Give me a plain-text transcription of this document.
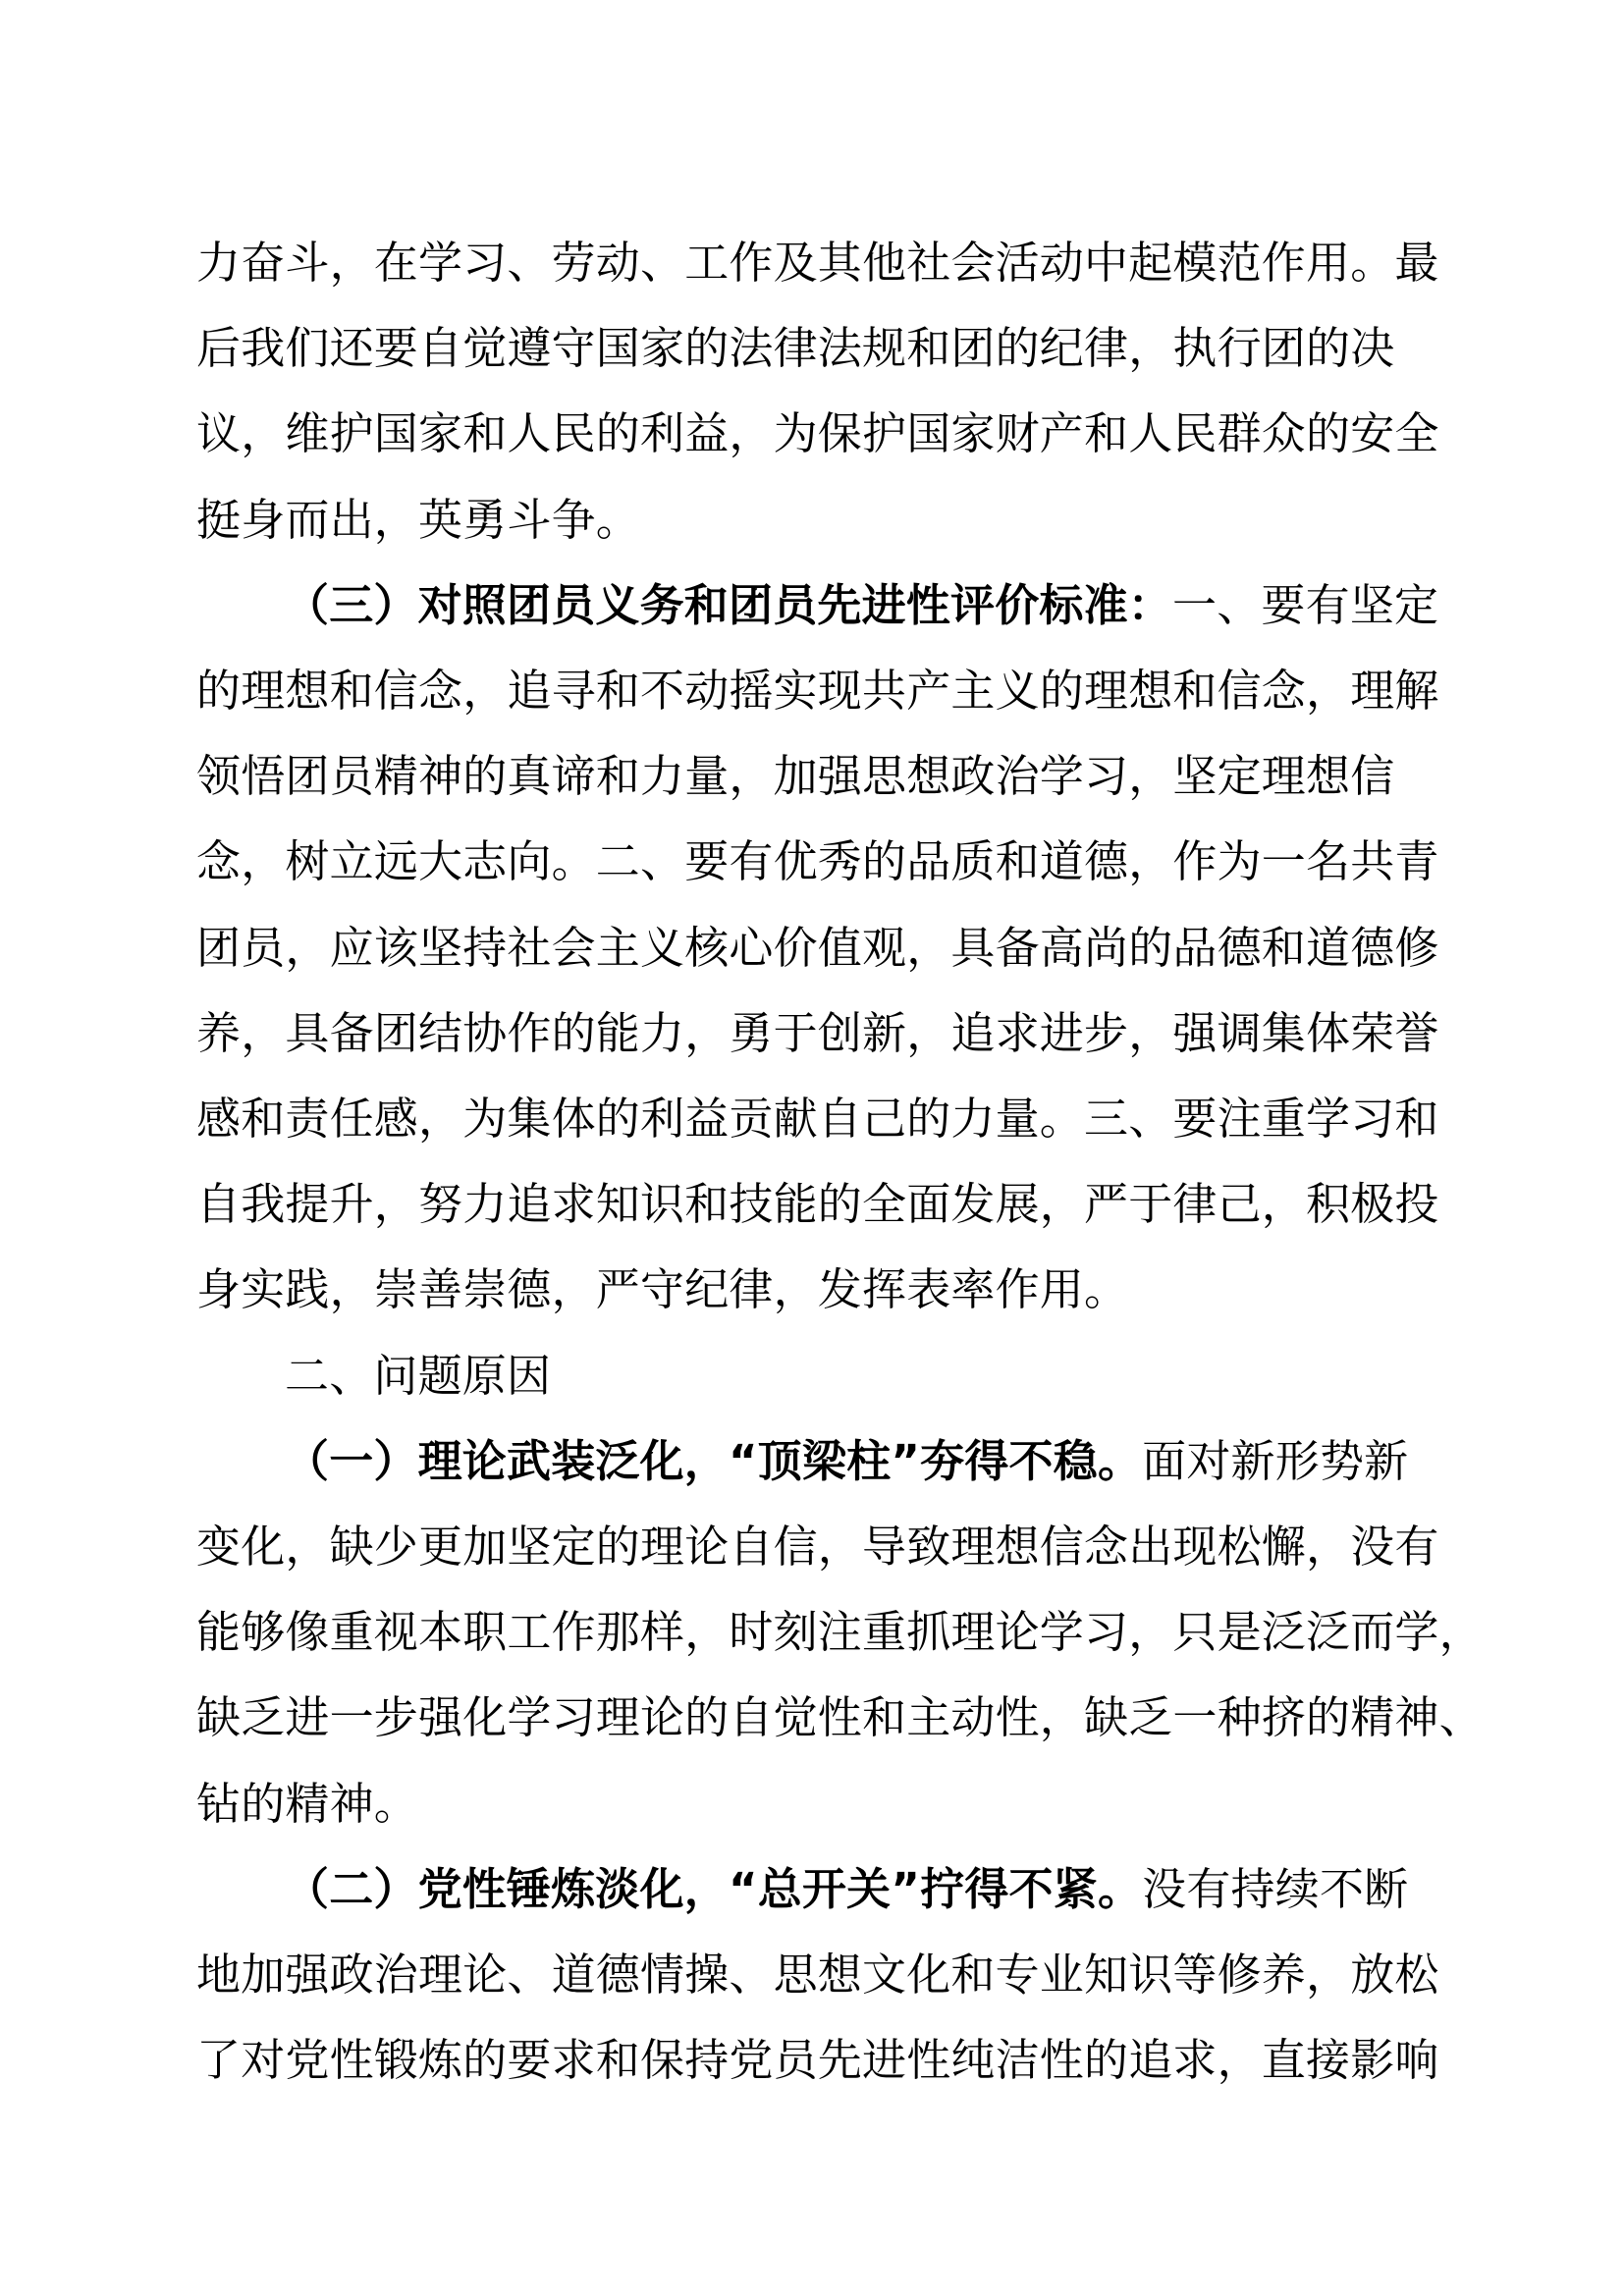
力奋斗，在学习、劳动、工作及其他社会活动中起模范作用。最
后我们还要自觉遵守国家的法律法规和团的纪律，执行团的决
议，维护国家和人民的利益，为保护国家财产和人民群众的安全
挺身而出，英勇斗争。
（三）对照团员义务和团员先进性评价标准：一、要有坚定
的理想和信念，追寻和不动摇实现共产主义的理想和信念，理解
领悟团员精神的真谛和力量，加强思想政治学习，坚定理想信
念，树立远大志向。二、要有优秀的品质和道德，作为一名共青
团员，应该坚持社会主义核心价值观，具备高尚的品德和道德修
养，具备团结协作的能力，勇于创新，追求进步，强调集体荣誉
感和责任感，为集体的利益贡献自己的力量。三、要注重学习和
自我提升，努力追求知识和技能的全面发展，严于律己，积极投
身实践，崇善崇德，严守纪律，发挥表率作用。
二、问题原因
（一）理论武装泛化，“顶梁柱”夯得不稳。面对新形势新
变化，缺少更加坚定的理论自信，导致理想信念出现松懈，没有
能够像重视本职工作那样，时刻注重抓理论学习，只是泛泛而学，
缺乏进一步强化学习理论的自觉性和主动性，缺乏一种挤的精神、
钻的精神。
（二）党性锤炼淡化，“总开关”拧得不紧。没有持续不断
地加强政治理论、道德情操、思想文化和专业知识等修养，放松
了对党性锻炼的要求和保持党员先进性纯洁性的追求，直接影响
